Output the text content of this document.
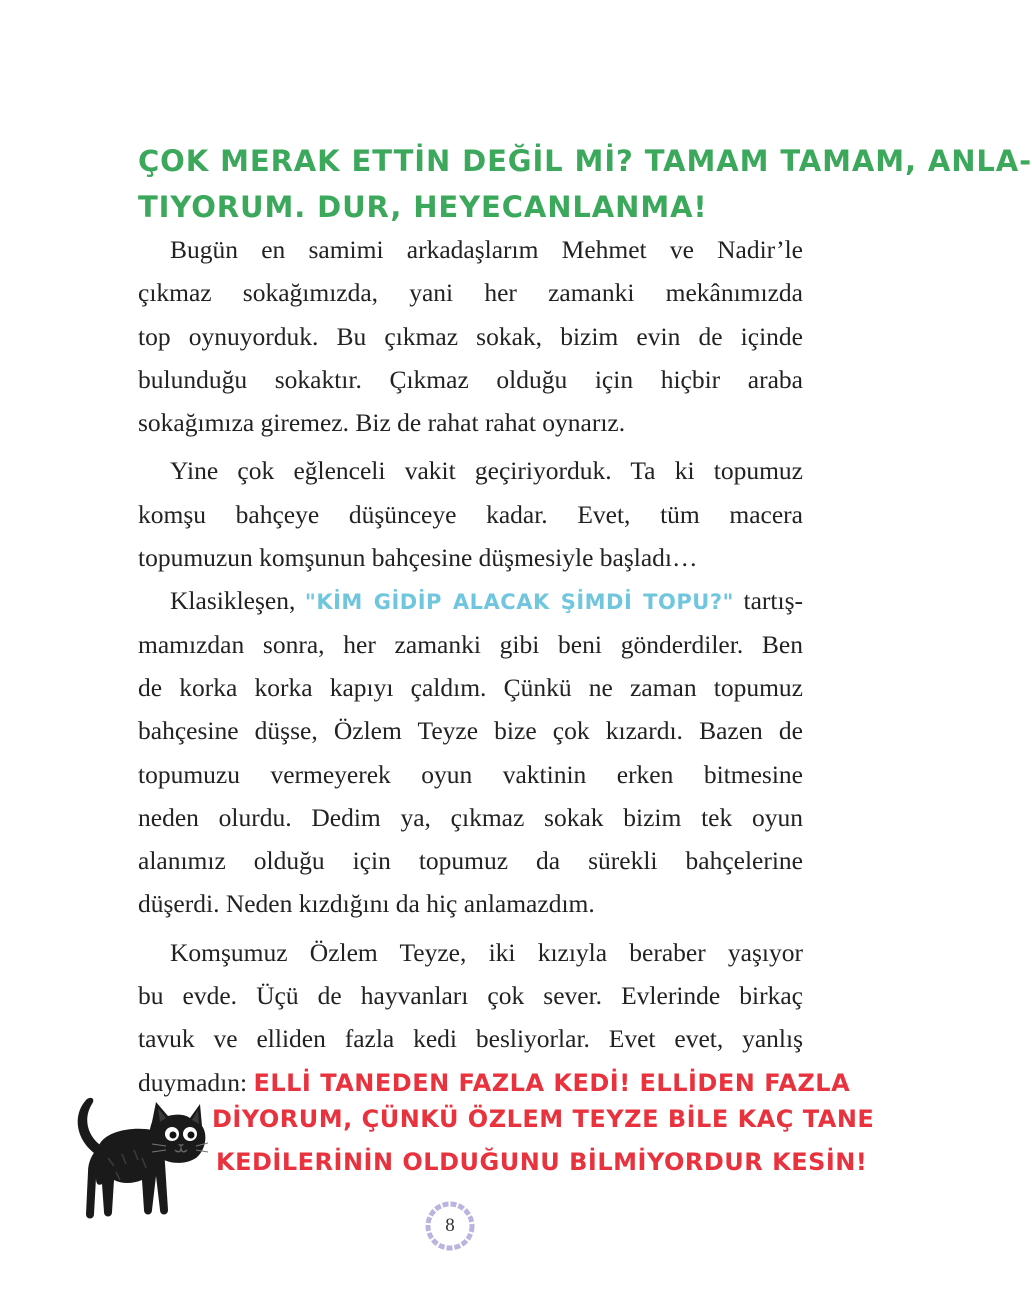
ÇOK MERAK ETTİN DEĞİL Mİ? TAMAM TAMAM, ANLA-
TIYORUM. DUR, HEYECANLANMA!
Bugün en samimi arkadaşlarım Mehmet ve Nadir’le
çıkmaz sokağımızda, yani her zamanki mekânımızda
top oynuyorduk. Bu çıkmaz sokak, bizim evin de içinde
bulunduğu sokaktır. Çıkmaz olduğu için hiçbir araba
sokağımıza giremez. Biz de rahat rahat oynarız.
Yine çok eğlenceli vakit geçiriyorduk. Ta ki topumuz
komşu bahçeye düşünceye kadar. Evet, tüm macera
topumuzun komşunun bahçesine düşmesiyle başladı…
Klasikleşen, "KİM GİDİP ALACAK ŞİMDİ TOPU?" tartış-
mamızdan sonra, her zamanki gibi beni gönderdiler. Ben
de korka korka kapıyı çaldım. Çünkü ne zaman topumuz
bahçesine düşse, Özlem Teyze bize çok kızardı. Bazen de
topumuzu vermeyerek oyun vaktinin erken bitmesine
neden olurdu. Dedim ya, çıkmaz sokak bizim tek oyun
alanımız olduğu için topumuz da sürekli bahçelerine
düşerdi. Neden kızdığını da hiç anlamazdım.
Komşumuz Özlem Teyze, iki kızıyla beraber yaşıyor
bu evde. Üçü de hayvanları çok sever. Evlerinde birkaç
tavuk ve elliden fazla kedi besliyorlar. Evet evet, yanlış
duymadın: ELLİ TANEDEN FAZLA KEDİ! ELLİDEN FAZLA
DİYORUM, ÇÜNKÜ ÖZLEM TEYZE BİLE KAÇ TANE
KEDİLERİNİN OLDUĞUNU BİLMİYORDUR KESİN!
8
